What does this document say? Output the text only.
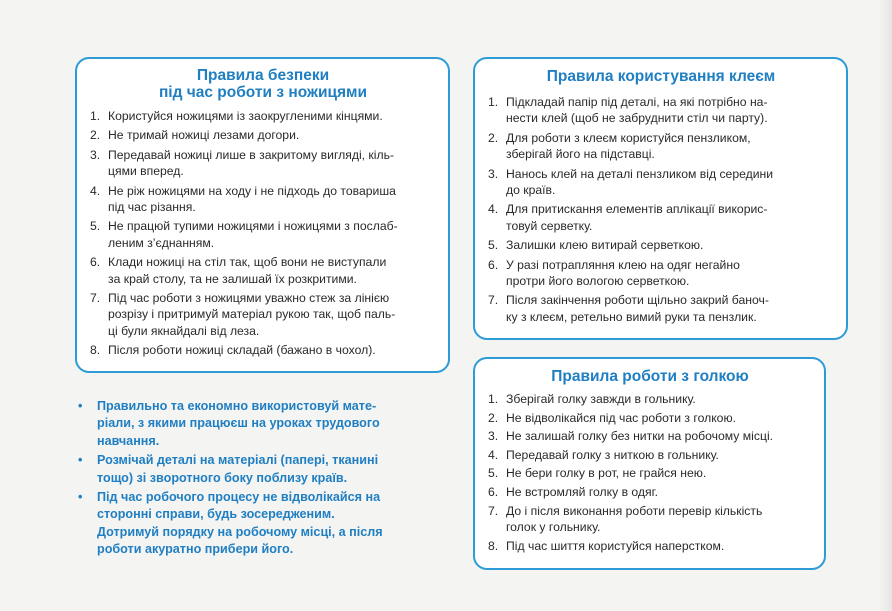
Правила безпеки
під час роботи з ножицями
1. Користуйся ножицями із заокругленими кінцями.
2. Не тримай ножиці лезами догори.
3. Передавай ножиці лише в закритому вигляді, кіль-
цями вперед.
4. Не ріж ножицями на ходу і не підходь до товариша
під час різання.
5. Не працюй тупими ножицями і ножицями з послаб-
леним з’єднанням.
6. Клади ножиці на стіл так, щоб вони не виступали
за край столу, та не залишай їх розкритими.
7. Під час роботи з ножицями уважно стеж за лінією
розрізу і притримуй матеріал рукою так, щоб паль-
ці були якнайдалі від леза.
8. Після роботи ножиці складай (бажано в чохол).
Правила користування клеєм
1. Підкладай папір під деталі, на які потрібно на-
нести клей (щоб не забруднити стіл чи парту).
2. Для роботи з клеєм користуйся пензликом,
зберігай його на підставці.
3. Нанось клей на деталі пензликом від середини
до країв.
4. Для притискання елементів аплікації викорис-
товуй серветку.
5. Залишки клею витирай серветкою.
6. У разі потрапляння клею на одяг негайно
протри його вологою серветкою.
7. Після закінчення роботи щільно закрий баноч-
ку з клеєм, ретельно вимий руки та пензлик.
Правила роботи з голкою
1. Зберігай голку завжди в гольнику.
2. Не відволікайся під час роботи з голкою.
3. Не залишай голку без нитки на робочому місці.
4. Передавай голку з ниткою в гольнику.
5. Не бери голку в рот, не грайся нею.
6. Не встромляй голку в одяг.
7. До і після виконання роботи перевір кількість
голок у гольнику.
8. Під час шиття користуйся наперстком.
•	Правильно та економно використовуй мате-
ріали, з якими працюєш на уроках трудового
навчання.
•	Розмічай деталі на матеріалі (папері, тканині
тощо) зі зворотного боку поблизу країв.
•	Під час робочого процесу не відволікайся на
сторонні справи, будь зосередженим.
Дотримуй порядку на робочому місці, а після
роботи акуратно прибери його.
